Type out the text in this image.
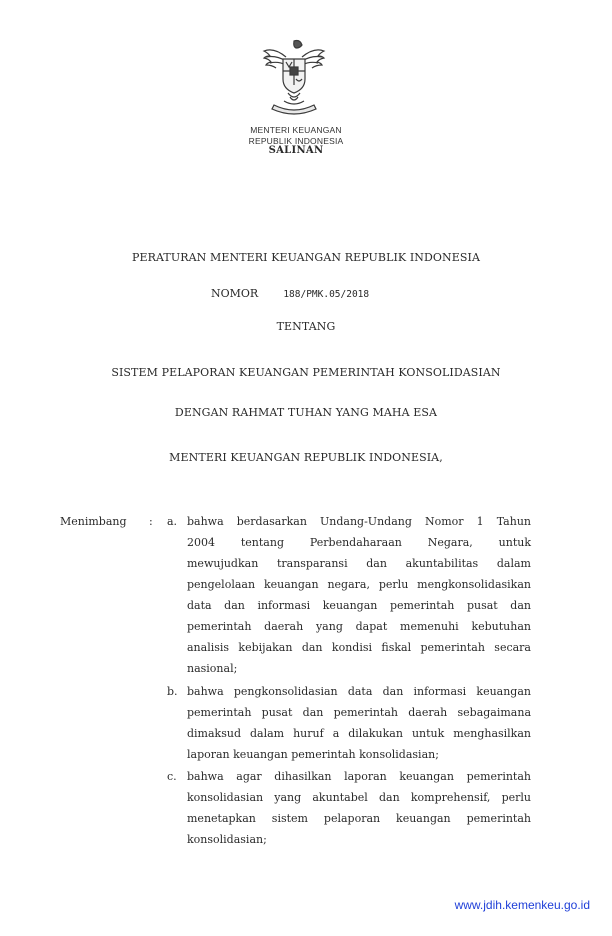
MENTERI KEUANGAN
REPUBLIK INDONESIA
SALINAN
PERATURAN MENTERI KEUANGAN REPUBLIK INDONESIA
NOMOR	188/PMK.05/2018
TENTANG
SISTEM PELAPORAN KEUANGAN PEMERINTAH KONSOLIDASIAN
DENGAN RAHMAT TUHAN YANG MAHA ESA
MENTERI KEUANGAN REPUBLIK INDONESIA,
Menimbang : a. bahwa berdasarkan Undang-Undang Nomor 1 Tahun
2004 tentang Perbendaharaan Negara, untuk
mewujudkan transparansi dan akuntabilitas dalam
pengelolaan keuangan negara, perlu mengkonsolidasikan
data dan informasi keuangan pemerintah pusat dan
pemerintah daerah yang dapat memenuhi kebutuhan
analisis kebijakan dan kondisi fiskal pemerintah secara
nasional;
b. bahwa pengkonsolidasian data dan informasi keuangan
pemerintah pusat dan pemerintah daerah sebagaimana
dimaksud dalam huruf a dilakukan untuk menghasilkan
laporan keuangan pemerintah konsolidasian;
c. bahwa agar dihasilkan laporan keuangan pemerintah
konsolidasian yang akuntabel dan komprehensif, perlu
menetapkan sistem pelaporan keuangan pemerintah
konsolidasian;
www.jdih.kemenkeu.go.id
